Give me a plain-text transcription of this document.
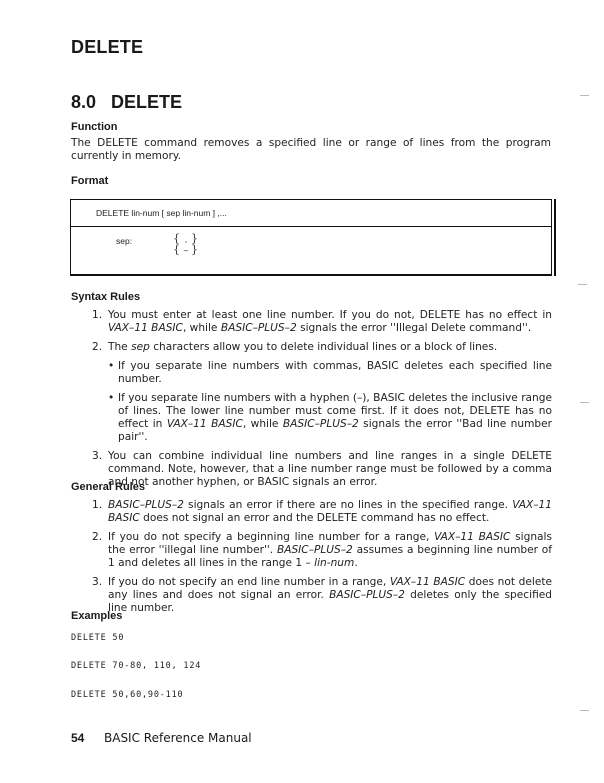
DELETE
8.0 DELETE
Function
The DELETE command removes a specified line or range of lines from the program currently in memory.
Format
DELETE lin-num [ sep lin-num ] ,...
sep:	{
{
,
–
}
}
Syntax Rules
1. You must enter at least one line number. If you do not, DELETE has no effect in VAX–11 BASIC, while BASIC–PLUS–2 signals the error ''Illegal Delete command''.
2. The sep characters allow you to delete individual lines or a block of lines.
• If you separate line numbers with commas, BASIC deletes each specified line number.
• If you separate line numbers with a hyphen (–), BASIC deletes the inclusive range of lines. The lower line number must come first. If it does not, DELETE has no effect in VAX–11 BASIC, while BASIC–PLUS–2 signals the error ''Bad line number pair''.
3. You can combine individual line numbers and line ranges in a single DELETE command. Note, however, that a line number range must be followed by a comma and not another hyphen, or BASIC signals an error.
General Rules
1. BASIC–PLUS–2 signals an error if there are no lines in the specified range. VAX–11 BASIC does not signal an error and the DELETE command has no effect.
2. If you do not specify a beginning line number for a range, VAX–11 BASIC signals the error ''illegal line number''. BASIC–PLUS–2 assumes a beginning line number of 1 and deletes all lines in the range 1 – lin-num.
3. If you do not specify an end line number in a range, VAX–11 BASIC does not delete any lines and does not signal an error. BASIC–PLUS–2 deletes only the specified line number.
Examples
DELETE 50
DELETE 70-80, 110, 124
DELETE 50,60,90-110
54 BASIC Reference Manual
